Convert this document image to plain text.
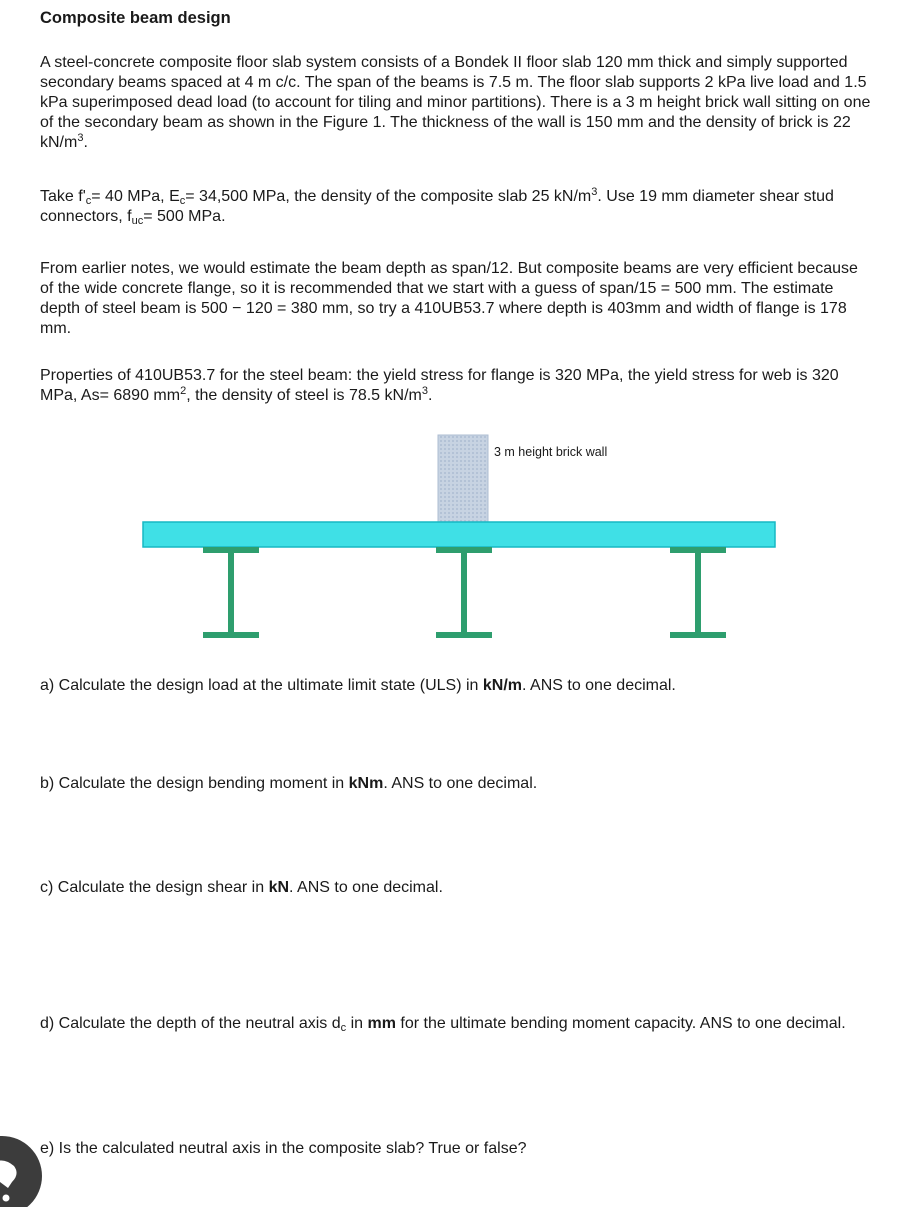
Composite beam design

A steel-concrete composite floor slab system consists of a Bondek II floor slab 120 mm thick and simply supported secondary beams spaced at 4 m c/c. The span of the beams is 7.5 m. The floor slab supports 2 kPa live load and 1.5 kPa superimposed dead load (to account for tiling and minor partitions). There is a 3 m height brick wall sitting on one of the secondary beam as shown in the Figure 1. The thickness of the wall is 150 mm and the density of brick is 22 $kN/m^3$.

Take $f'_c= 40$ MPa, $E_c= 34,500$ MPa, the density of the composite slab 25 $kN/m^3$. Use 19 mm diameter shear stud connectors, $f_{uc}= 500$ MPa.

From earlier notes, we would estimate the beam depth as span/12. But composite beams are very efficient because of the wide concrete flange, so it is recommended that we start with a guess of span/15 = 500 mm. The estimate depth of steel beam is 500 − 120 = 380 mm, so try a 410UB53.7 where depth is 403mm and width of flange is 178 mm.

Properties of 410UB53.7 for the steel beam: the yield stress for flange is 320 MPa, the yield stress for web is 320 MPa, As= 6890 $mm^2$, the density of steel is 78.5 $kN/m^3$.

3 m height brick wall

a) Calculate the design load at the ultimate limit state (ULS) in kN/m. ANS to one decimal.

b) Calculate the design bending moment in kNm. ANS to one decimal.

c) Calculate the design shear in kN. ANS to one decimal.

d) Calculate the depth of the neutral axis $d_c$ in mm for the ultimate bending moment capacity. ANS to one decimal.

e) Is the calculated neutral axis in the composite slab? True or false?
